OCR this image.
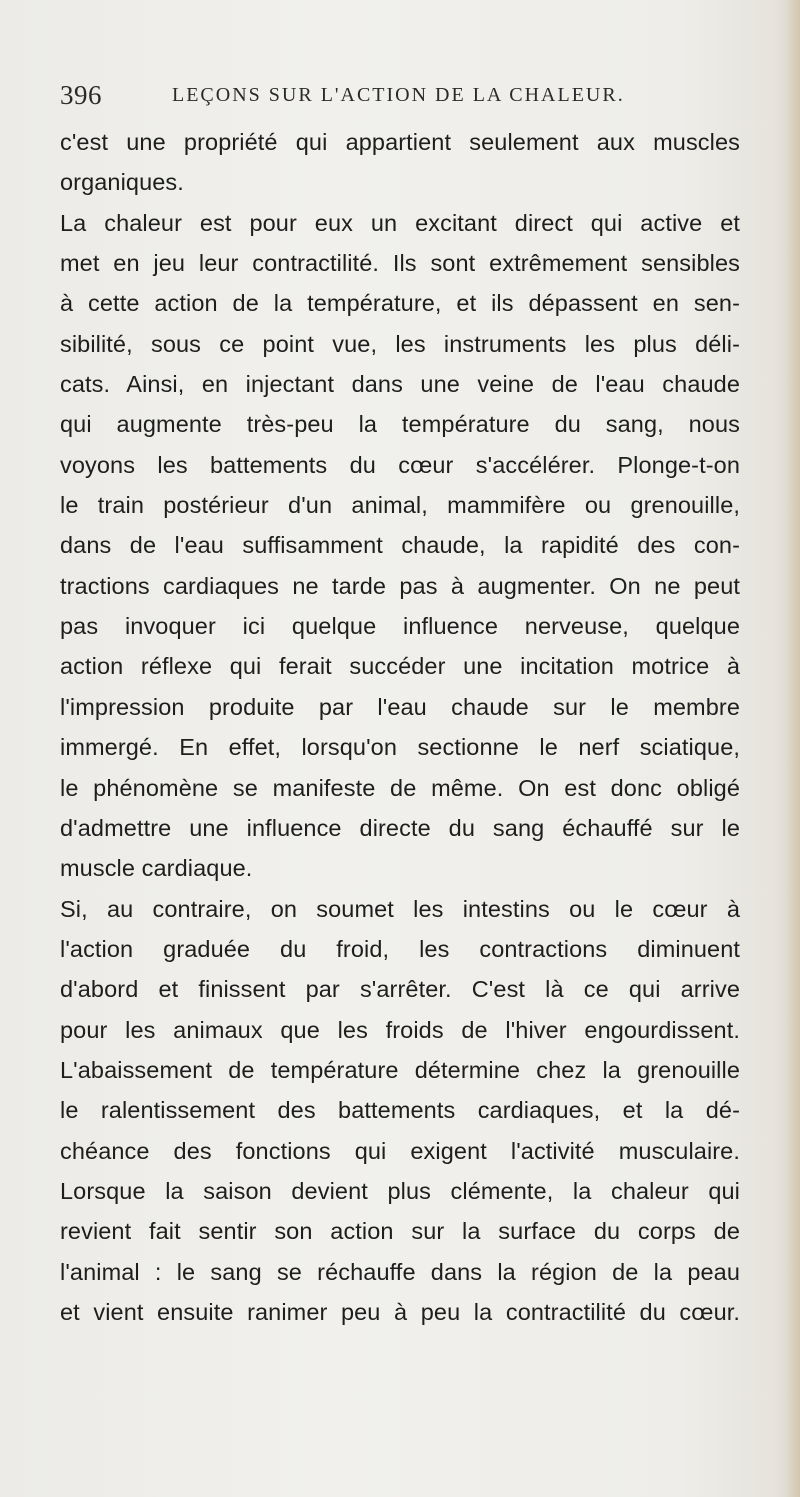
396	LEÇONS SUR L'ACTION DE LA CHALEUR.
c'est une propriété qui appartient seulement aux muscles
organiques.
La chaleur est pour eux un excitant direct qui active et
met en jeu leur contractilité. Ils sont extrêmement sensibles
à cette action de la température, et ils dépassent en sen-
sibilité, sous ce point vue, les instruments les plus déli-
cats. Ainsi, en injectant dans une veine de l'eau chaude
qui augmente très-peu la température du sang, nous
voyons les battements du cœur s'accélérer. Plonge-t-on
le train postérieur d'un animal, mammifère ou grenouille,
dans de l'eau suffisamment chaude, la rapidité des con-
tractions cardiaques ne tarde pas à augmenter. On ne peut
pas invoquer ici quelque influence nerveuse, quelque
action réflexe qui ferait succéder une incitation motrice à
l'impression produite par l'eau chaude sur le membre
immergé. En effet, lorsqu'on sectionne le nerf sciatique,
le phénomène se manifeste de même. On est donc obligé
d'admettre une influence directe du sang échauffé sur le
muscle cardiaque.
Si, au contraire, on soumet les intestins ou le cœur à
l'action graduée du froid, les contractions diminuent
d'abord et finissent par s'arrêter. C'est là ce qui arrive
pour les animaux que les froids de l'hiver engourdissent.
L'abaissement de température détermine chez la grenouille
le ralentissement des battements cardiaques, et la dé-
chéance des fonctions qui exigent l'activité musculaire.
Lorsque la saison devient plus clémente, la chaleur qui
revient fait sentir son action sur la surface du corps de
l'animal : le sang se réchauffe dans la région de la peau
et vient ensuite ranimer peu à peu la contractilité du cœur.
